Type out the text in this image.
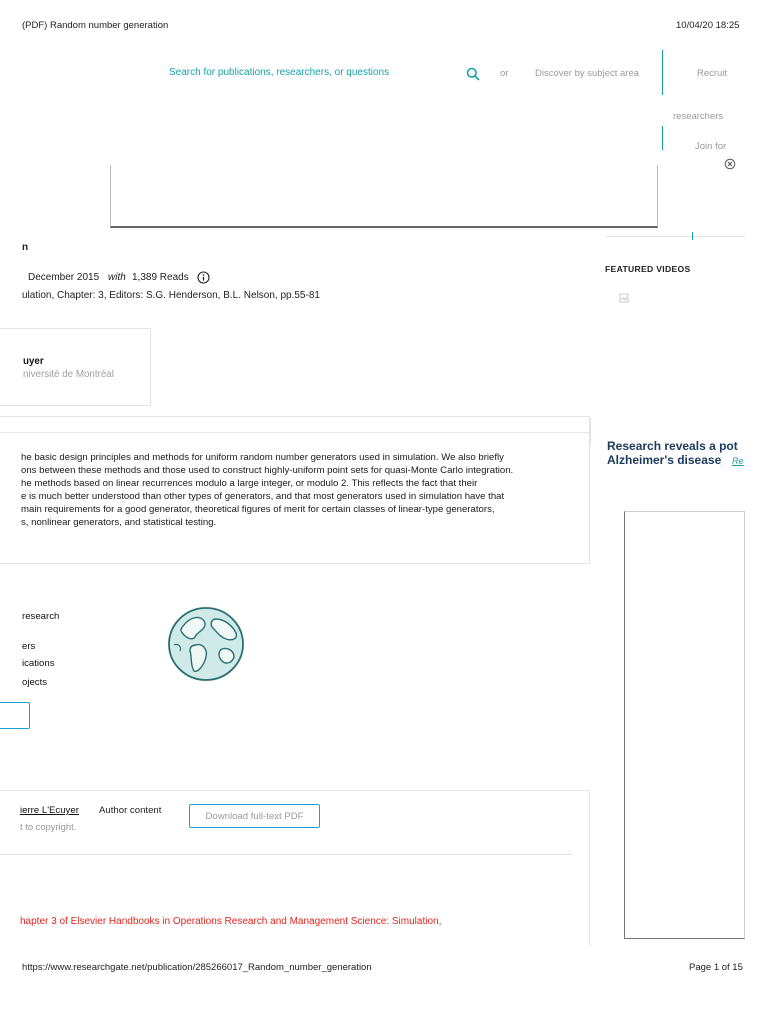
(PDF) Random number generation	10/04/20 18:25
Search for publications, researchers, or questions	or	Discover by subject area	Recruit
researchers
Join for
n
December 2015 with 1,389 Reads
ulation, Chapter: 3, Editors: S.G. Henderson, B.L. Nelson, pp.55-81
uyer
niversité de Montréal
he basic design principles and methods for uniform random number generators used in simulation. We also briefly
ons between these methods and those used to construct highly-uniform point sets for quasi-Monte Carlo integration.
he methods based on linear recurrences modulo a large integer, or modulo 2. This reflects the fact that their
e is much better understood than other types of generators, and that most generators used in simulation have that
main requirements for a good generator, theoretical figures of merit for certain classes of linear-type generators,
s, nonlinear generators, and statistical testing.
research
ers
ications
ojects
ierre L'Ecuyer Author content
t to copyright.
Download full-text PDF
hapter 3 of Elsevier Handbooks in Operations Research and Management Science: Simulation,
FEATURED VIDEOS
Research reveals a pot
Alzheimer's disease Re
https://www.researchgate.net/publication/285266017_Random_number_generation	Page 1 of 15
